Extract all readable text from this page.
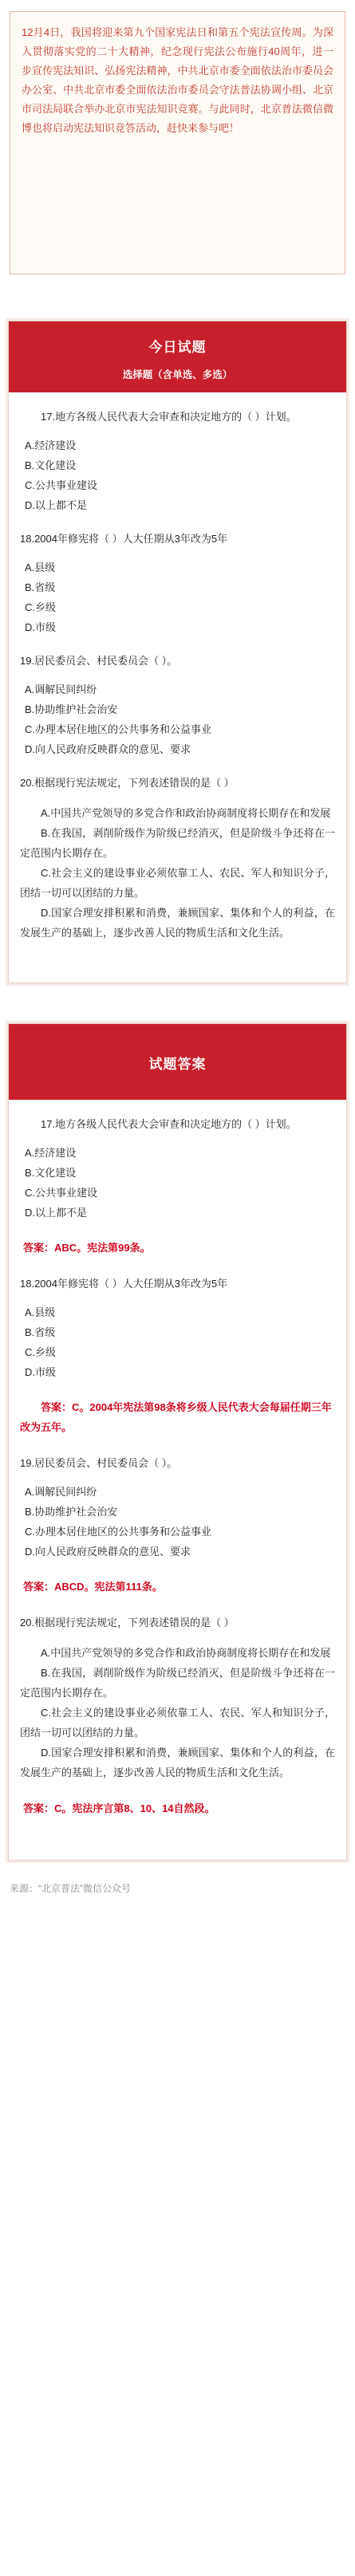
12月4日，我国将迎来第九个国家宪法日和第五个宪法宣传周。为深入贯彻落实党的二十大精神，纪念现行宪法公布施行40周年，进一步宣传宪法知识、弘扬宪法精神，中共北京市委全面依法治市委员会办公室、中共北京市委全面依法治市委员会守法普法协调小组、北京市司法局联合举办北京市宪法知识竞赛。与此同时，北京普法微信微博也将启动宪法知识竞答活动，赶快来参与吧！
今日试题
选择题（含单选、多选）
17.地方各级人民代表大会审查和决定地方的（ ）计划。
A.经济建设
B.文化建设
C.公共事业建设
D.以上都不是
18.2004年修宪将（ ）人大任期从3年改为5年
A.县级
B.省级
C.乡级
D.市级
19.居民委员会、村民委员会（ ）。
A.调解民间纠纷
B.协助维护社会治安
C.办理本居住地区的公共事务和公益事业
D.向人民政府反映群众的意见、要求
20.根据现行宪法规定，下列表述错误的是（ ）
A.中国共产党领导的多党合作和政治协商制度将长期存在和发展
B.在我国，剥削阶级作为阶级已经消灭，但是阶级斗争还将在一定范围内长期存在。
C.社会主义的建设事业必须依靠工人、农民、军人和知识分子，团结一切可以团结的力量。
D.国家合理安排积累和消费，兼顾国家、集体和个人的利益，在发展生产的基础上，逐步改善人民的物质生活和文化生活。
试题答案
17.地方各级人民代表大会审查和决定地方的（ ）计划。
A.经济建设
B.文化建设
C.公共事业建设
D.以上都不是
答案：ABC。宪法第99条。
18.2004年修宪将（ ）人大任期从3年改为5年
A.县级
B.省级
C.乡级
D.市级
答案：C。2004年宪法第98条将乡级人民代表大会每届任期三年改为五年。
19.居民委员会、村民委员会（ ）。
A.调解民间纠纷
B.协助维护社会治安
C.办理本居住地区的公共事务和公益事业
D.向人民政府反映群众的意见、要求
答案：ABCD。宪法第111条。
20.根据现行宪法规定，下列表述错误的是（ ）
A.中国共产党领导的多党合作和政治协商制度将长期存在和发展
B.在我国，剥削阶级作为阶级已经消灭，但是阶级斗争还将在一定范围内长期存在。
C.社会主义的建设事业必须依靠工人、农民、军人和知识分子，团结一切可以团结的力量。
D.国家合理安排积累和消费，兼顾国家、集体和个人的利益，在发展生产的基础上，逐步改善人民的物质生活和文化生活。
答案：C。宪法序言第8、10、14自然段。
来源：“北京普法”微信公众号
